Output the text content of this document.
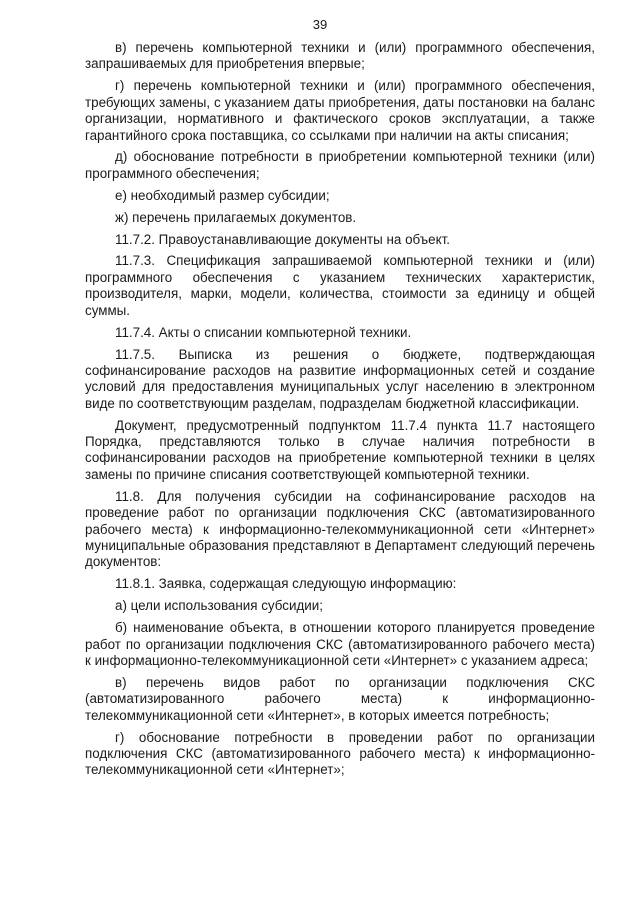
39

в) перечень компьютерной техники и (или) программного обеспечения, запрашиваемых для приобретения впервые;

г) перечень компьютерной техники и (или) программного обеспечения, требующих замены, с указанием даты приобретения, даты постановки на баланс организации, нормативного и фактического сроков эксплуатации, а также гарантийного срока поставщика, со ссылками при наличии на акты списания;

д) обоснование потребности в приобретении компьютерной техники (или) программного обеспечения;

е) необходимый размер субсидии;

ж) перечень прилагаемых документов.

11.7.2. Правоустанавливающие документы на объект.

11.7.3. Спецификация запрашиваемой компьютерной техники и (или) программного обеспечения с указанием технических характеристик, производителя, марки, модели, количества, стоимости за единицу и общей суммы.

11.7.4. Акты о списании компьютерной техники.

11.7.5. Выписка из решения о бюджете, подтверждающая софинансирование расходов на развитие информационных сетей и создание условий для предоставления муниципальных услуг населению в электронном виде по соответствующим разделам, подразделам бюджетной классификации.

Документ, предусмотренный подпунктом 11.7.4 пункта 11.7 настоящего Порядка, представляются только в случае наличия потребности в софинансировании расходов на приобретение компьютерной техники в целях замены по причине списания соответствующей компьютерной техники.

11.8. Для получения субсидии на софинансирование расходов на проведение работ по организации подключения СКС (автоматизированного рабочего места) к информационно-телекоммуникационной сети «Интернет» муниципальные образования представляют в Департамент следующий перечень документов:

11.8.1. Заявка, содержащая следующую информацию:

а) цели использования субсидии;

б) наименование объекта, в отношении которого планируется проведение работ по организации подключения СКС (автоматизированного рабочего места) к информационно-телекоммуникационной сети «Интернет» с указанием адреса;

в) перечень видов работ по организации подключения СКС (автоматизированного рабочего места) к информационно-телекоммуникационной сети «Интернет», в которых имеется потребность;

г) обоснование потребности в проведении работ по организации подключения СКС (автоматизированного рабочего места) к информационно-телекоммуникационной сети «Интернет»;
